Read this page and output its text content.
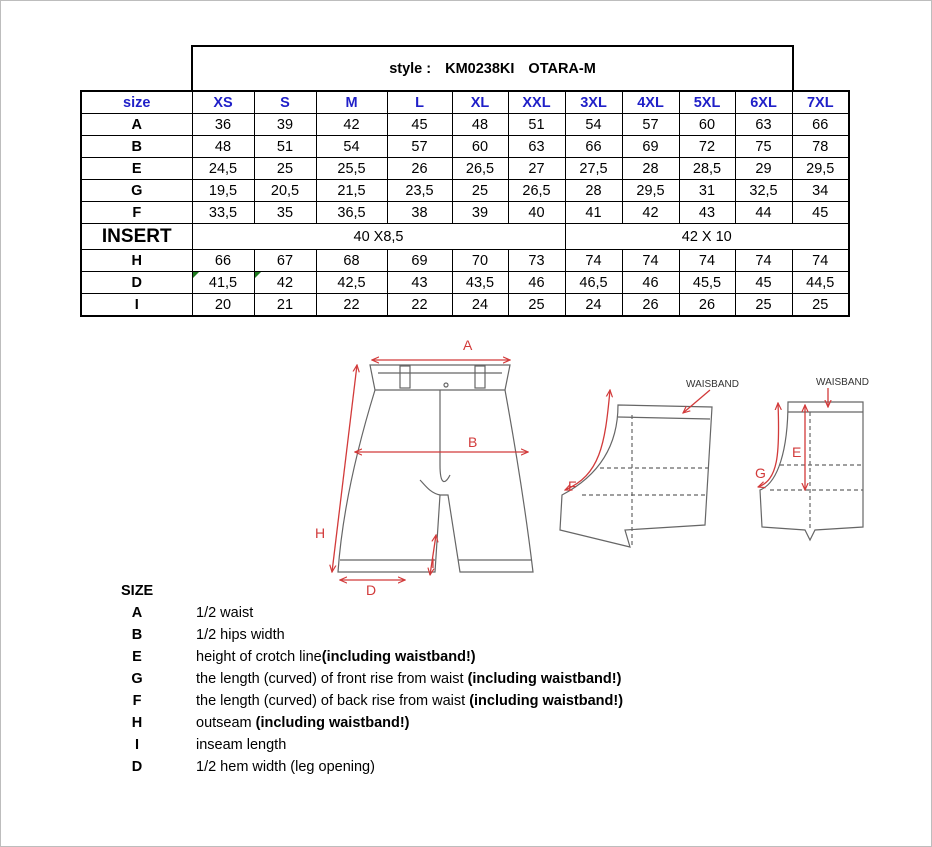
style : KM0238KI OTARA-M
size	XS	S	M	L	XL	XXL	3XL	4XL	5XL	6XL	7XL
A	36	39	42	45	48	51	54	57	60	63	66
B	48	51	54	57	60	63	66	69	72	75	78
E	24,5	25	25,5	26	26,5	27	27,5	28	28,5	29	29,5
G	19,5	20,5	21,5	23,5	25	26,5	28	29,5	31	32,5	34
F	33,5	35	36,5	38	39	40	41	42	43	44	45
INSERT	40 X8,5						42 X 10				
H	66	67	68	69	70	73	74	74	74	74	74
D	41,5	42	42,5	43	43,5	46	46,5	46	45,5	45	44,5
I	20	21	22	22	24	25	24	26	26	25	25
A
B
H
I
D
F
WAISBAND
E
G
WAISBAND
SIZE
A	1/2 waist
B	1/2 hips width
E	height of crotch line(including waistband!)
G	the length (curved) of front rise from waist (including waistband!)
F	the length (curved) of back rise from waist (including waistband!)
H	outseam (including waistband!)
I	inseam length
D	1/2 hem width (leg opening)
